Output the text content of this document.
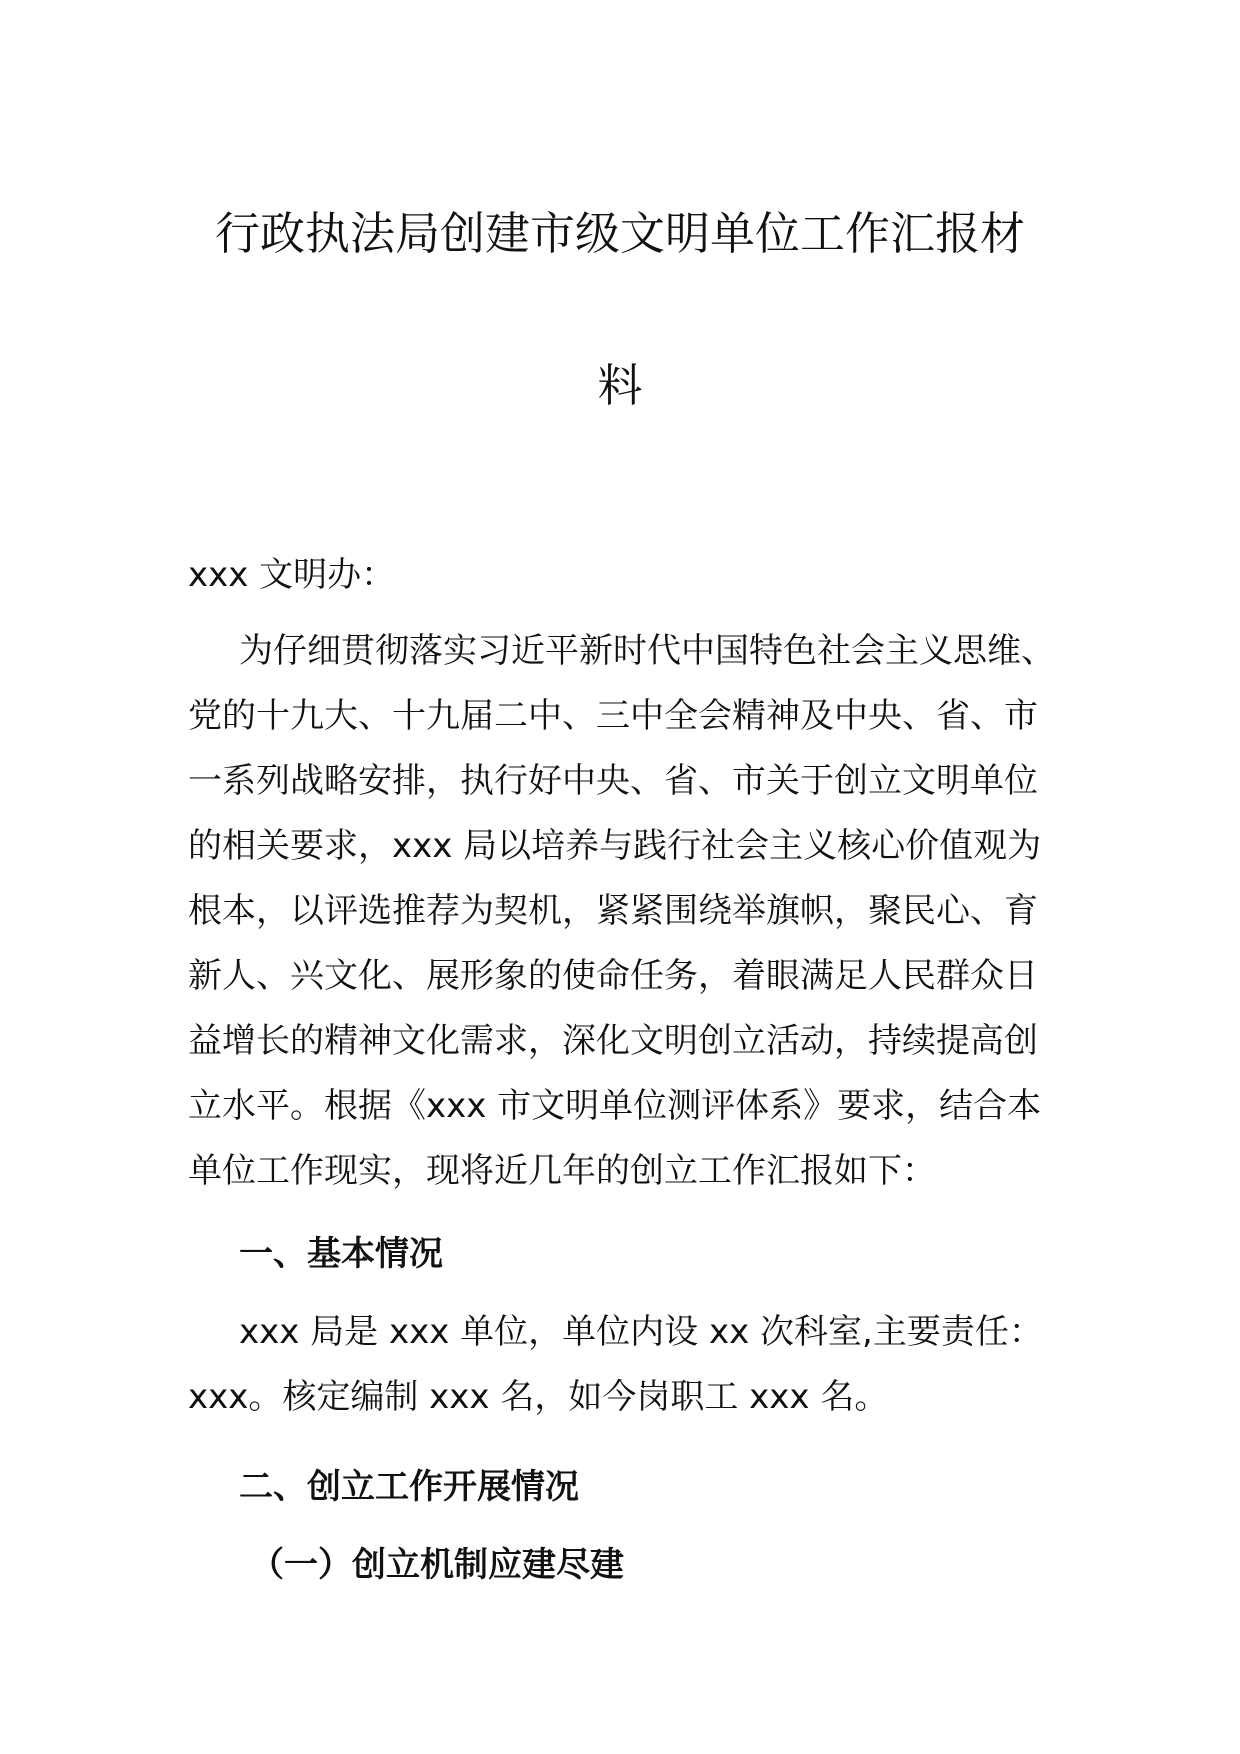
行政执法局创建市级文明单位工作汇报材
料

xxx 文明办：

为仔细贯彻落实习近平新时代中国特色社会主义思维、
党的十九大、十九届二中、三中全会精神及中央、省、市
一系列战略安排，执行好中央、省、市关于创立文明单位
的相关要求，xxx 局以培养与践行社会主义核心价值观为
根本，以评选推荐为契机，紧紧围绕举旗帜，聚民心、育
新人、兴文化、展形象的使命任务，着眼满足人民群众日
益增长的精神文化需求，深化文明创立活动，持续提高创
立水平。根据《xxx 市文明单位测评体系》要求，结合本
单位工作现实，现将近几年的创立工作汇报如下：
一、基本情况
xxx 局是 xxx 单位，单位内设 xx 次科室,主要责任：
xxx。核定编制 xxx 名，如今岗职工 xxx 名。
二、创立工作开展情况
（一）创立机制应建尽建
